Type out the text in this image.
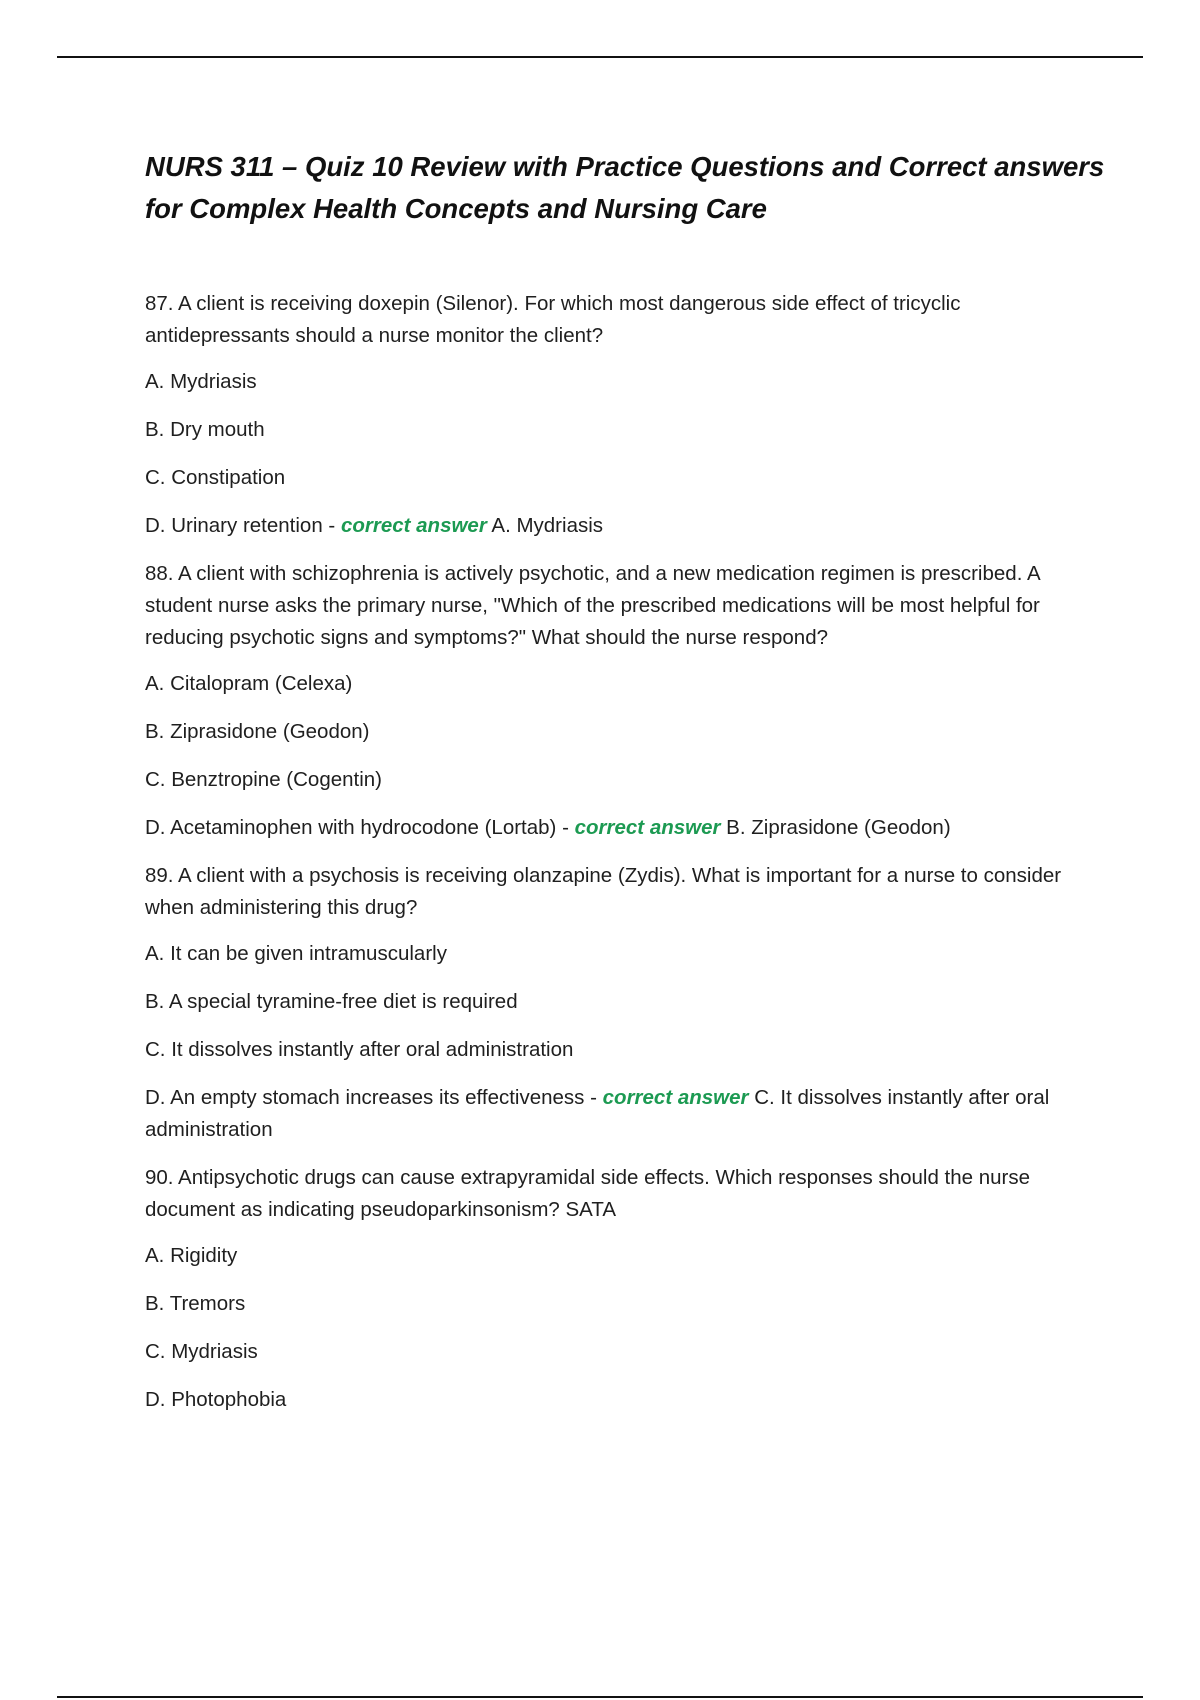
NURS 311 – Quiz 10 Review with Practice Questions and Correct answers for Complex Health Concepts and Nursing Care

87. A client is receiving doxepin (Silenor). For which most dangerous side effect of tricyclic antidepressants should a nurse monitor the client?

A. Mydriasis

B. Dry mouth

C. Constipation

D. Urinary retention - correct answer A. Mydriasis

88. A client with schizophrenia is actively psychotic, and a new medication regimen is prescribed. A student nurse asks the primary nurse, "Which of the prescribed medications will be most helpful for reducing psychotic signs and symptoms?" What should the nurse respond?

A. Citalopram (Celexa)

B. Ziprasidone (Geodon)

C. Benztropine (Cogentin)

D. Acetaminophen with hydrocodone (Lortab) - correct answer B. Ziprasidone (Geodon)

89. A client with a psychosis is receiving olanzapine (Zydis). What is important for a nurse to consider when administering this drug?

A. It can be given intramuscularly

B. A special tyramine-free diet is required

C. It dissolves instantly after oral administration

D. An empty stomach increases its effectiveness - correct answer C. It dissolves instantly after oral administration

90. Antipsychotic drugs can cause extrapyramidal side effects. Which responses should the nurse document as indicating pseudoparkinsonism? SATA

A. Rigidity

B. Tremors

C. Mydriasis

D. Photophobia
